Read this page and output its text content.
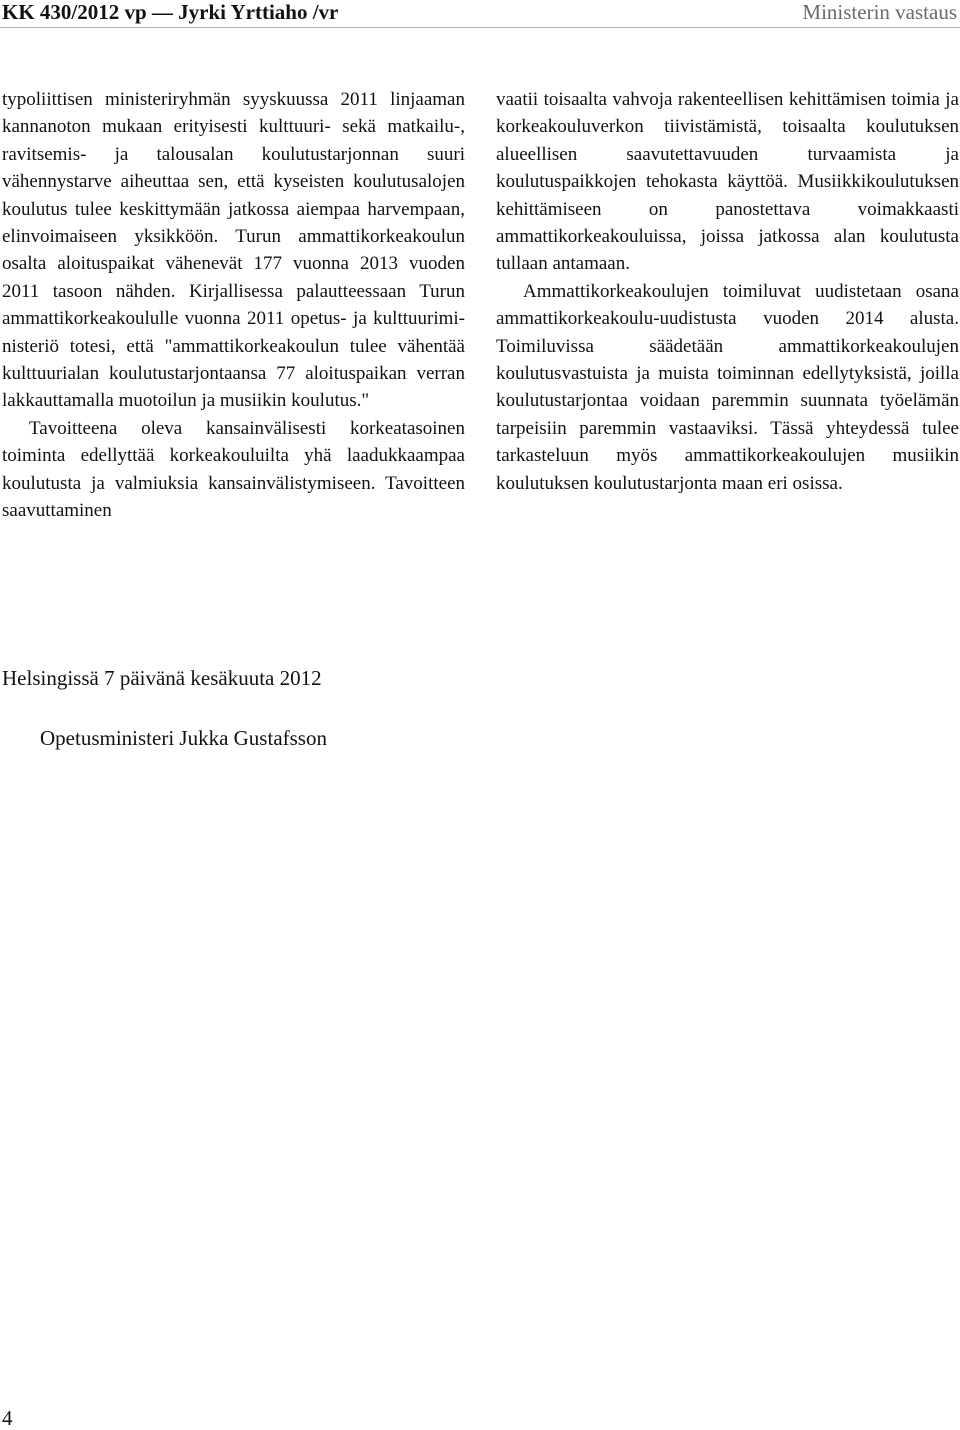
KK 430/2012 vp — Jyrki Yrttiaho /vr	Ministerin vastaus

typoliittisen ministeriryhmän syyskuussa 2011 linjaaman kannanoton mukaan erityisesti kulttuuri- sekä matkailu-, ravitsemis- ja talousalan koulutustarjonnan suuri vähennystarve aiheuttaa sen, että kyseisten koulutusalojen koulutus tulee keskittymään jatkossa aiempaa harvempaan, elinvoimaiseen yksikköön. Turun ammattikorkeakoulun osalta aloituspaikat vähenevät 177 vuonna 2013 vuoden 2011 tasoon nähden. Kirjallisessa palautteessaan Turun ammattikorkeakoululle vuonna 2011 opetus- ja kulttuuriministeriö totesi, että "ammattikorkeakoulun tulee vähentää kulttuurialan koulutustarjontaansa 77 aloituspaikan verran lakkauttamalla muotoilun ja musiikin koulutus."

Tavoitteena oleva kansainvälisesti korkeatasoinen toiminta edellyttää korkeakouluilta yhä laadukkaampaa koulutusta ja valmiuksia kansainvälistymiseen. Tavoitteen saavuttaminen

vaatii toisaalta vahvoja rakenteellisen kehittämisen toimia ja korkeakouluverkon tiivistämistä, toisaalta koulutuksen alueellisen saavutettavuuden turvaamista ja koulutuspaikkojen tehokasta käyttöä. Musiikkikoulutuksen kehittämiseen on panostettava voimakkaasti ammattikorkeakouluissa, joissa jatkossa alan koulutusta tullaan antamaan.

Ammattikorkeakoulujen toimiluvat uudistetaan osana ammattikorkeakoulu-uudistusta vuoden 2014 alusta. Toimiluvissa säädetään ammattikorkeakoulujen koulutusvastuista ja muista toiminnan edellytyksistä, joilla koulutustarjontaa voidaan paremmin suunnata työelämän tarpeisiin paremmin vastaaviksi. Tässä yhteydessä tulee tarkasteluun myös ammattikorkeakoulujen musiikin koulutuksen koulutustarjonta maan eri osissa.

Helsingissä 7 päivänä kesäkuuta 2012
Opetusministeri Jukka Gustafsson
4
